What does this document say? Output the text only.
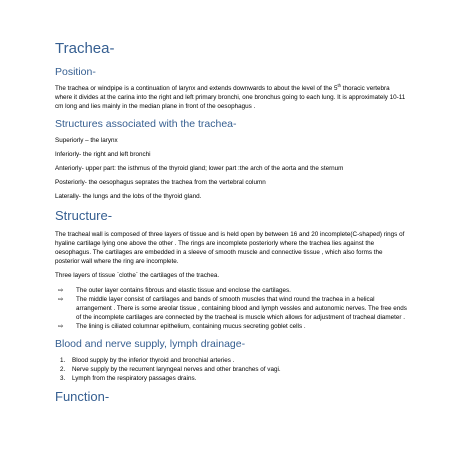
Trachea-
Position-
The trachea or windpipe is a continuation of larynx and extends downwards to about the level of the 5th thoracic vertebra where it divides at the carina into the right and left primary bronchi, one bronchus going to each lung. It is approximately 10-11 cm long and lies mainly in the median plane in front of the oesophagus .
Structures associated with the trachea-
Superiorly – the larynx
Inferiorly- the right and left bronchi
Anteriorly- upper part: the isthmus of the thyroid gland; lower part :the arch of the aorta and the sternum
Posteriorly- the oesophagus seprates the trachea from the vertebral column
Laterally- the lungs and the lobs of the thyroid gland.
Structure-
The tracheal wall is composed of three layers of tissue and is held open by between 16 and 20 incomplete(C-shaped) rings of hyaline cartilage lying one above the other . The rings are incomplete posteriorly where the trachea lies against the oesophagus. The cartilages are embedded in a sleeve of smooth muscle and connective tissue , which also forms the posterior wall where the ring are incomplete.
Three layers of tissue `clothe` the cartilages of the trachea.
⇨ The outer layer contains fibrous and elastic tissue and enclose the cartilages.
⇨ The middle layer consist of cartilages and bands of smooth muscles that wind round the trachea in a helical arrangement . There is some areolar tissue , containing blood and lymph vessles and autonomic nerves. The free ends of the incomplete cartilages are connected by the tracheal is muscle which allows for adjustment of tracheal diameter .
⇨ The lining is ciliated columnar epithelium, containing mucus secreting goblet cells .
Blood and nerve supply, lymph drainage-
1. Blood supply by the inferior thyroid and bronchial arteries .
2. Nerve supply by the recurrent laryngeal nerves and other branches of vagi.
3. Lymph from the respiratory passages drains.
Function-
